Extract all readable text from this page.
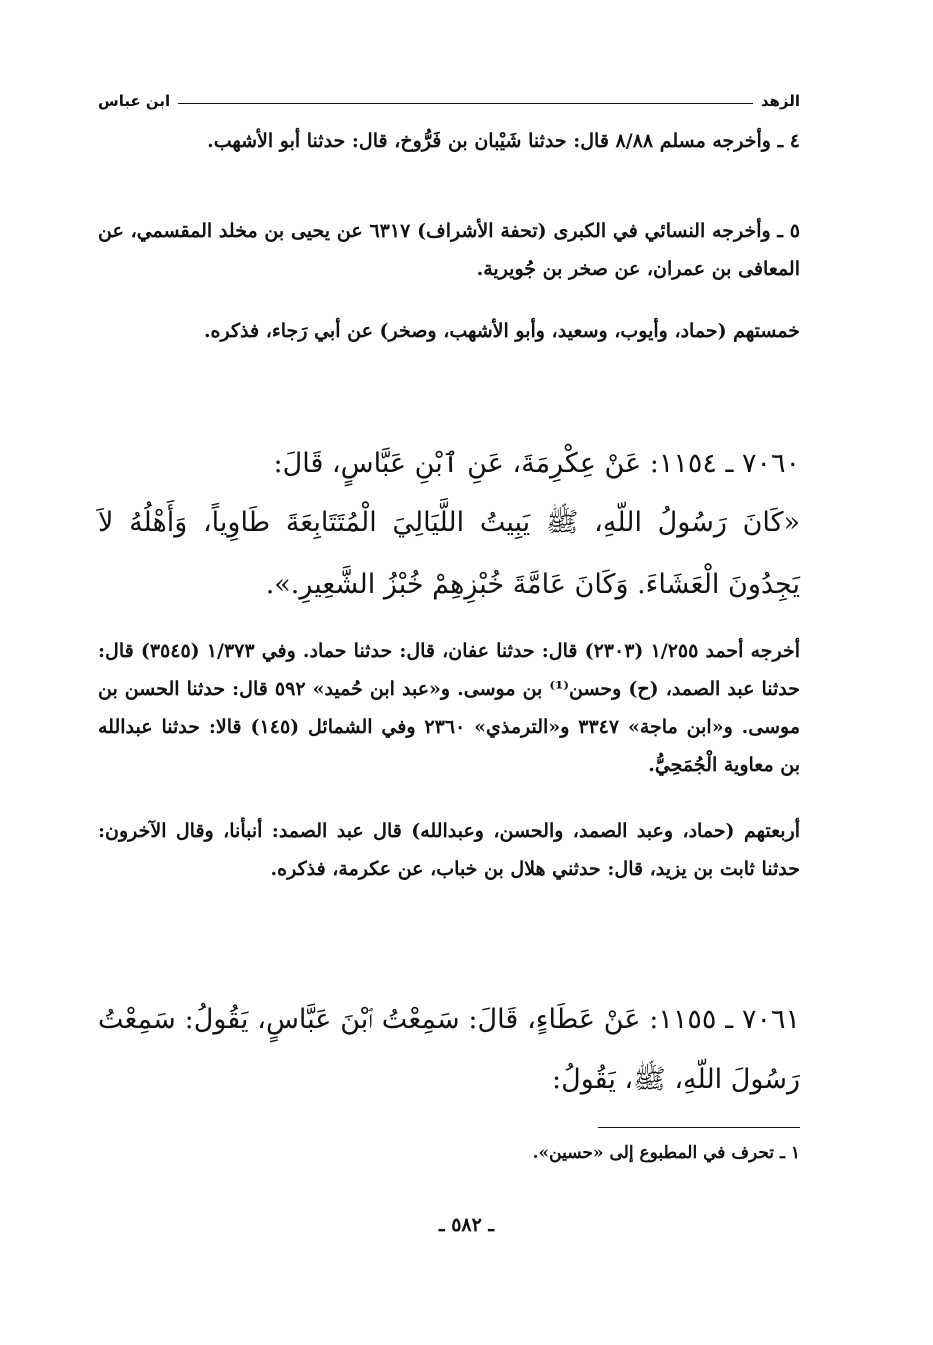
الزهد
ابن عباس
٤ ـ وأخرجه مسلم ٨/٨٨ قال: حدثنا شَيْبان بن فَرُّوخ، قال: حدثنا أبو الأشهب.
٥ ـ وأخرجه النسائي في الكبرى (تحفة الأشراف) ٦٣١٧ عن يحيى بن مخلد المقسمي، عن المعافى بن عمران، عن صخر بن جُويرية.
خمستهم (حماد، وأيوب، وسعيد، وأبو الأشهب، وصخر) عن أبي رَجاء، فذكره.
٧٠٦٠ ـ ١١٥٤: عَنْ عِكْرِمَةَ، عَنِ ٱبْنِ عَبَّاسٍ، قَالَ:
«كَانَ رَسُولُ اللّهِ، ﷺ يَبِيتُ اللَّيَالِيَ الْمُتَتَابِعَةَ طَاوِياً، وَأَهْلُهُ لاَ يَجِدُونَ الْعَشَاءَ. وَكَانَ عَامَّةَ خُبْزِهِمْ خُبْزُ الشَّعِيرِ.».
أخرجه أحمد ١/٢٥٥ (٢٣٠٣) قال: حدثنا عفان، قال: حدثنا حماد. وفي ١/٣٧٣ (٣٥٤٥) قال: حدثنا عبد الصمد، (ح) وحسن⁽¹⁾ بن موسى. و«عبد ابن حُميد» ٥٩٢ قال: حدثنا الحسن بن موسى. و«ابن ماجة» ٣٣٤٧ و«الترمذي» ٢٣٦٠ وفي الشمائل (١٤٥) قالا: حدثنا عبدالله بن معاوية الْجُمَحِيُّ.
أربعتهم (حماد، وعبد الصمد، والحسن، وعبدالله) قال عبد الصمد: أنبأنا، وقال الآخرون: حدثنا ثابت بن يزيد، قال: حدثني هلال بن خباب، عن عكرمة، فذكره.
٧٠٦١ ـ ١١٥٥: عَنْ عَطَاءٍ، قَالَ: سَمِعْتُ ٱبْنَ عَبَّاسٍ، يَقُولُ: سَمِعْتُ رَسُولَ اللّهِ، ﷺ، يَقُولُ:
١ ـ تحرف في المطبوع إلى «حسين».
ـ ٥٨٢ ـ
